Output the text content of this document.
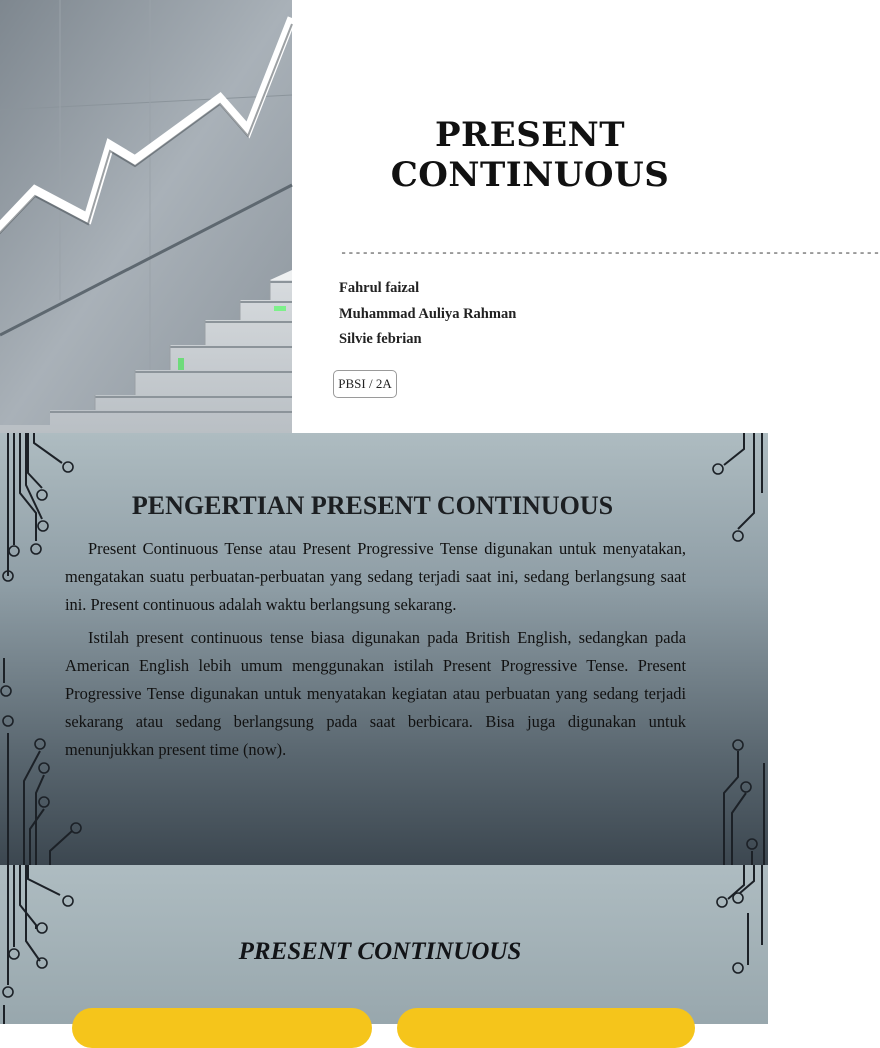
PRESENT
CONTINUOUS
---------------------------------------------------------------------------
Fahrul faizal
Muhammad Auliya Rahman
Silvie febrian
PBSI / 2A
PENGERTIAN PRESENT CONTINUOUS

Present Continuous Tense atau Present Progressive Tense digunakan untuk menyatakan, mengatakan suatu perbuatan-perbuatan yang sedang terjadi saat ini, sedang berlangsung saat ini. Present continuous adalah waktu berlangsung sekarang.

Istilah present continuous tense biasa digunakan pada British English, sedangkan pada American English lebih umum menggunakan istilah Present Progressive Tense. Present Progressive Tense digunakan untuk menyatakan kegiatan atau perbuatan yang sedang terjadi sekarang atau sedang berlangsung pada saat berbicara. Bisa juga digunakan untuk menunjukkan present time (now).

PRESENT CONTINUOUS
